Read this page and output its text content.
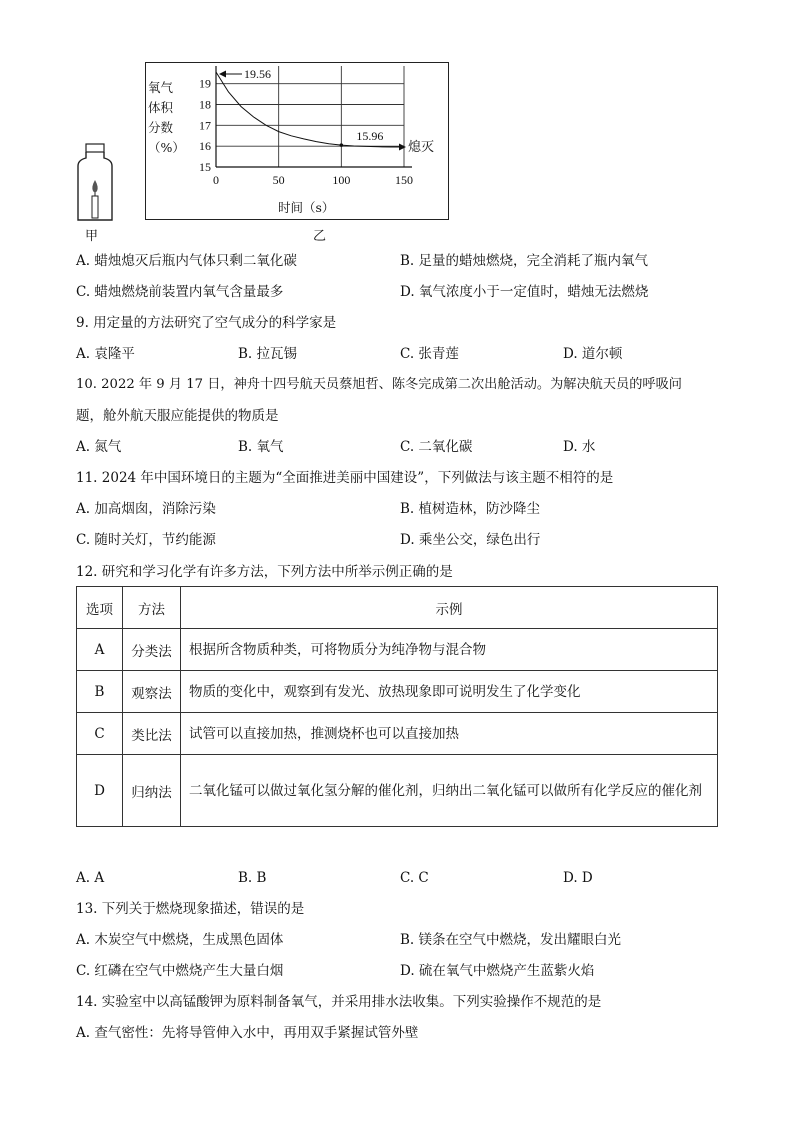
甲
氧气
体积
分数
（%）
15
16
17
18
19
0	50	100	150
19.56
15.96
熄灭
时间（s）
乙
A. 蜡烛熄灭后瓶内气体只剩二氧化碳	B. 足量的蜡烛燃烧，完全消耗了瓶内氧气
C. 蜡烛燃烧前装置内氧气含量最多	D. 氧气浓度小于一定值时，蜡烛无法燃烧
9. 用定量的方法研究了空气成分的科学家是
A. 袁隆平	B. 拉瓦锡	C. 张青莲	D. 道尔顿
10. 2022 年 9 月 17 日，神舟十四号航天员蔡旭哲、陈冬完成第二次出舱活动。为解决航天员的呼吸问
题，舱外航天服应能提供的物质是
A. 氮气	B. 氧气	C. 二氧化碳	D. 水
11. 2024 年中国环境日的主题为“全面推进美丽中国建设”，下列做法与该主题不相符的是
A. 加高烟囱，消除污染	B. 植树造林，防沙降尘
C. 随时关灯，节约能源	D. 乘坐公交，绿色出行
12. 研究和学习化学有许多方法，下列方法中所举示例正确的是
选项	方法	示例
A	分类法	根据所含物质种类，可将物质分为纯净物与混合物
B	观察法	物质的变化中，观察到有发光、放热现象即可说明发生了化学变化
C	类比法	试管可以直接加热，推测烧杯也可以直接加热
D	归纳法	二氧化锰可以做过氧化氢分解的催化剂，归纳出二氧化锰可以做所有化学反应的催化剂
A. A	B. B	C. C	D. D
13. 下列关于燃烧现象描述，错误的是
A. 木炭空气中燃烧，生成黑色固体	B. 镁条在空气中燃烧，发出耀眼白光
C. 红磷在空气中燃烧产生大量白烟	D. 硫在氧气中燃烧产生蓝紫火焰
14. 实验室中以高锰酸钾为原料制备氧气，并采用排水法收集。下列实验操作不规范的是
A. 查气密性：先将导管伸入水中，再用双手紧握试管外壁
